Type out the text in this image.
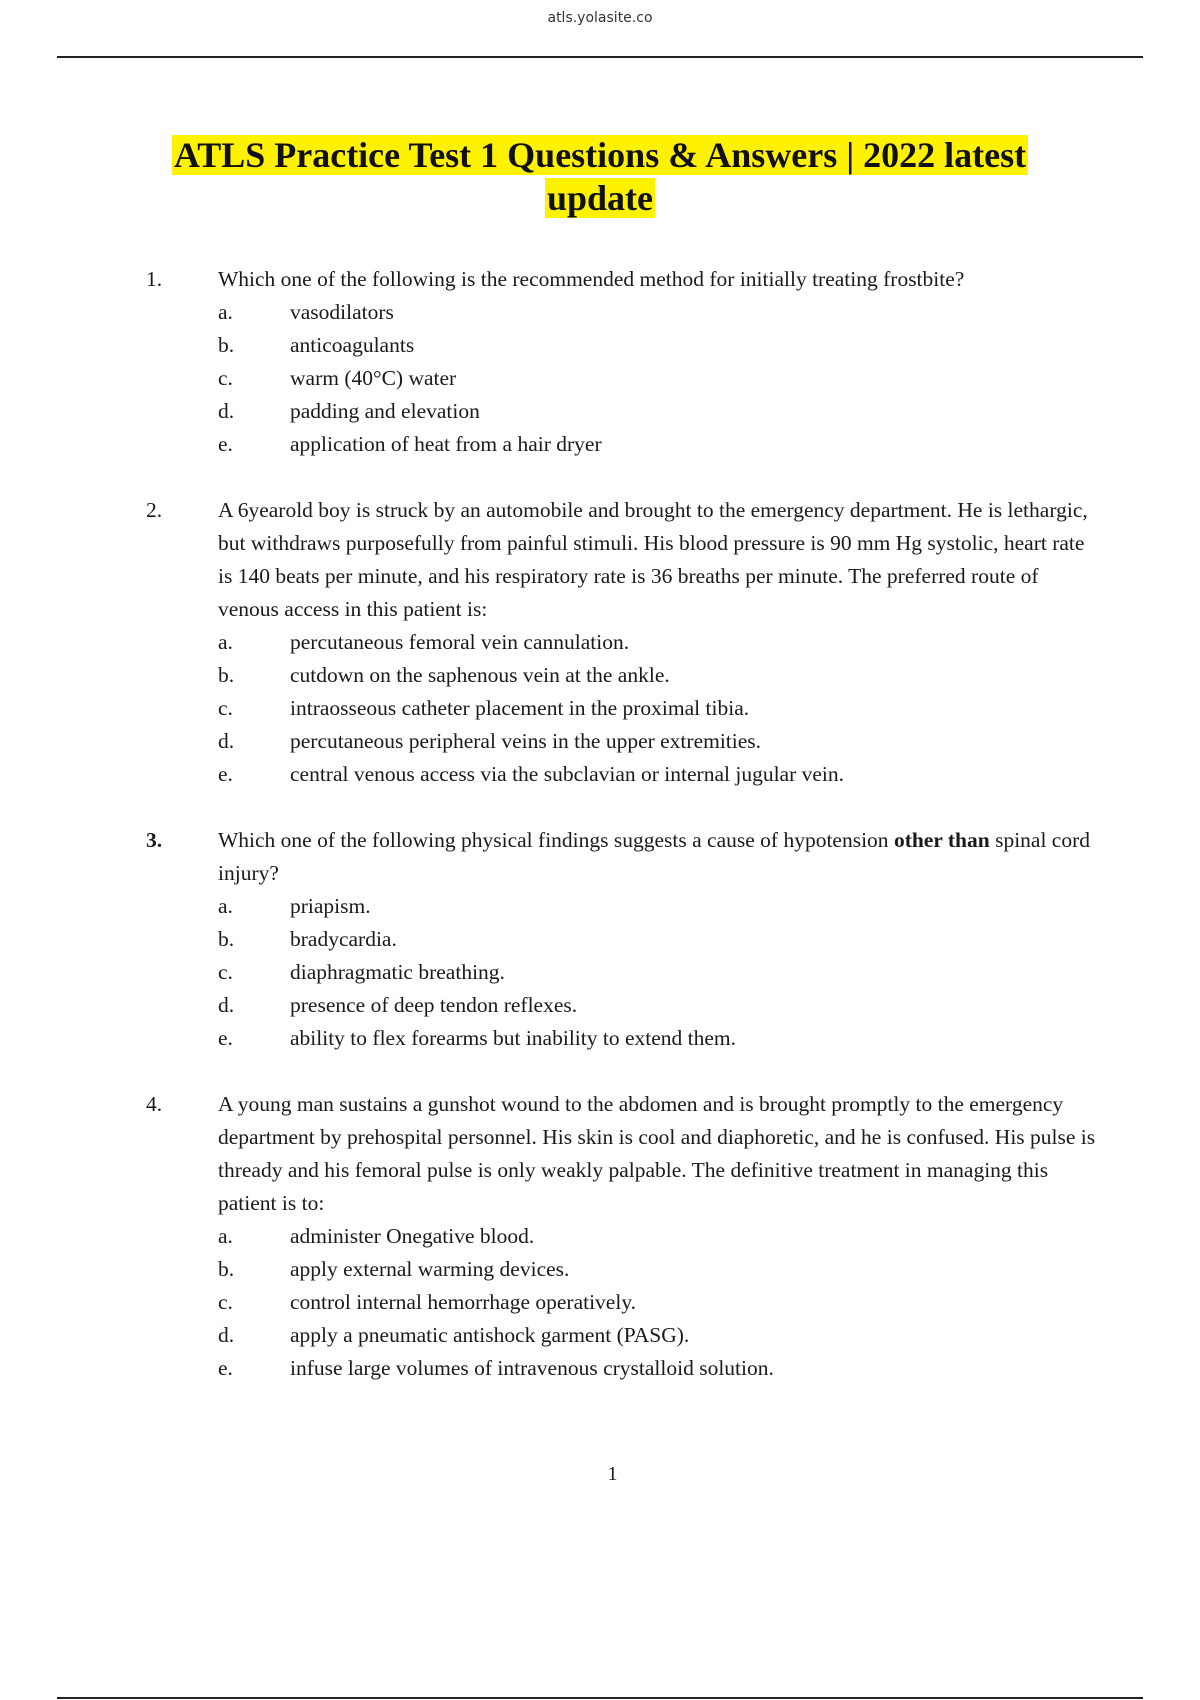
atls.yolasite.co
ATLS Practice Test 1 Questions & Answers | 2022 latest
update
1.	Which one of the following is the recommended method for initially treating frostbite?
a.	vasodilators
b.	anticoagulants
c.	warm (40°C) water
d.	padding and elevation
e.	application of heat from a hair dryer
2.	A 6yearold boy is struck by an automobile and brought to the emergency department. He is lethargic, but withdraws purposefully from painful stimuli. His blood pressure is 90 mm Hg systolic, heart rate is 140 beats per minute, and his respiratory rate is 36 breaths per minute. The preferred route of venous access in this patient is:
a.	percutaneous femoral vein cannulation.
b.	cutdown on the saphenous vein at the ankle.
c.	intraosseous catheter placement in the proximal tibia.
d.	percutaneous peripheral veins in the upper extremities.
e.	central venous access via the subclavian or internal jugular vein.
3.	Which one of the following physical findings suggests a cause of hypotension other than spinal cord injury?
a.	priapism.
b.	bradycardia.
c.	diaphragmatic breathing.
d.	presence of deep tendon reflexes.
e.	ability to flex forearms but inability to extend them.
4.	A young man sustains a gunshot wound to the abdomen and is brought promptly to the emergency department by prehospital personnel. His skin is cool and diaphoretic, and he is confused. His pulse is thready and his femoral pulse is only weakly palpable. The definitive treatment in managing this patient is to:
a.	administer Onegative blood.
b.	apply external warming devices.
c.	control internal hemorrhage operatively.
d.	apply a pneumatic antishock garment (PASG).
e.	infuse large volumes of intravenous crystalloid solution.
1
